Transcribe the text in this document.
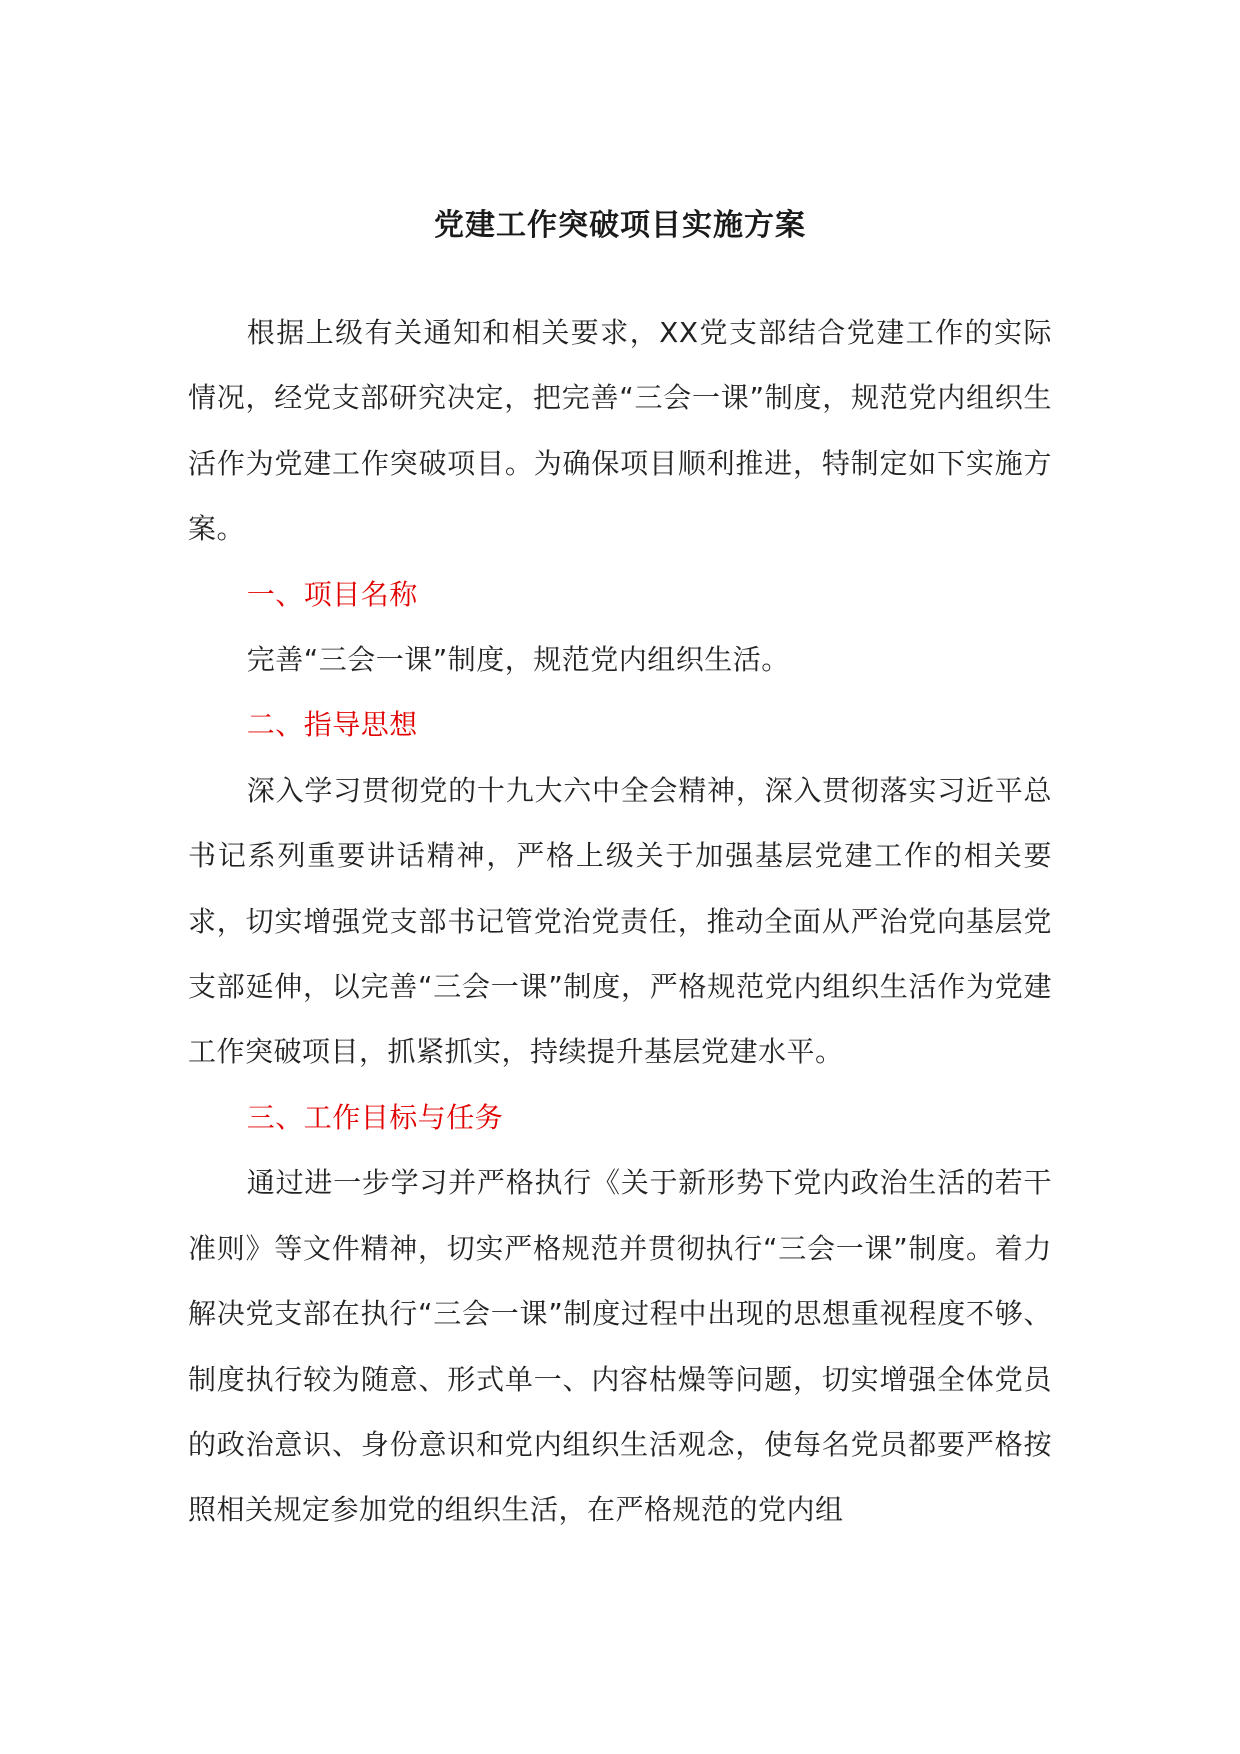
党建工作突破项目实施方案

根据上级有关通知和相关要求，XX党支部结合党建工作的实际情况，经党支部研究决定，把完善“三会一课”制度，规范党内组织生活作为党建工作突破项目。为确保项目顺利推进，特制定如下实施方案。

一、项目名称

完善“三会一课”制度，规范党内组织生活。

二、指导思想

深入学习贯彻党的十九大六中全会精神，深入贯彻落实习近平总书记系列重要讲话精神，严格上级关于加强基层党建工作的相关要求，切实增强党支部书记管党治党责任，推动全面从严治党向基层党支部延伸，以完善“三会一课”制度，严格规范党内组织生活作为党建工作突破项目，抓紧抓实，持续提升基层党建水平。

三、工作目标与任务

通过进一步学习并严格执行《关于新形势下党内政治生活的若干准则》等文件精神，切实严格规范并贯彻执行“三会一课”制度。着力解决党支部在执行“三会一课”制度过程中出现的思想重视程度不够、制度执行较为随意、形式单一、内容枯燥等问题，切实增强全体党员的政治意识、身份意识和党内组织生活观念，使每名党员都要严格按照相关规定参加党的组织生活，在严格规范的党内组
